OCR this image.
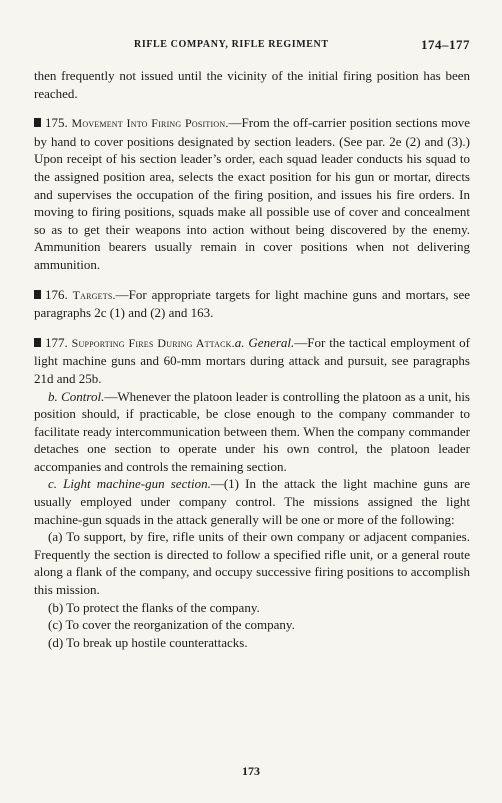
RIFLE COMPANY, RIFLE REGIMENT	174–177

then frequently not issued until the vicinity of the initial firing position has been reached.

175. Movement Into Firing Position.—From the off-carrier position sections move by hand to cover positions designated by section leaders. (See par. 2e (2) and (3).) Upon receipt of his section leader’s order, each squad leader conducts his squad to the assigned position area, selects the exact position for his gun or mortar, directs and supervises the occupation of the firing position, and issues his fire orders. In moving to firing positions, squads make all possible use of cover and concealment so as to get their weapons into action without being discovered by the enemy. Ammunition bearers usually remain in cover positions when not delivering ammunition.

176. Targets.—For appropriate targets for light machine guns and mortars, see paragraphs 2c (1) and (2) and 163.

177. Supporting Fires During Attack.a. General.—For the tactical employment of light machine guns and 60-mm mortars during attack and pursuit, see paragraphs 21d and 25b.

b. Control.—Whenever the platoon leader is controlling the platoon as a unit, his position should, if practicable, be close enough to the company commander to facilitate ready intercommunication between them. When the company commander detaches one section to operate under his own control, the platoon leader accompanies and controls the remaining section.

c. Light machine-gun section.—(1) In the attack the light machine guns are usually employed under company control. The missions assigned the light machine-gun squads in the attack generally will be one or more of the following:

(a) To support, by fire, rifle units of their own company or adjacent companies. Frequently the section is directed to follow a specified rifle unit, or a general route along a flank of the company, and occupy successive firing positions to accomplish this mission.

(b) To protect the flanks of the company.

(c) To cover the reorganization of the company.

(d) To break up hostile counterattacks.

173
